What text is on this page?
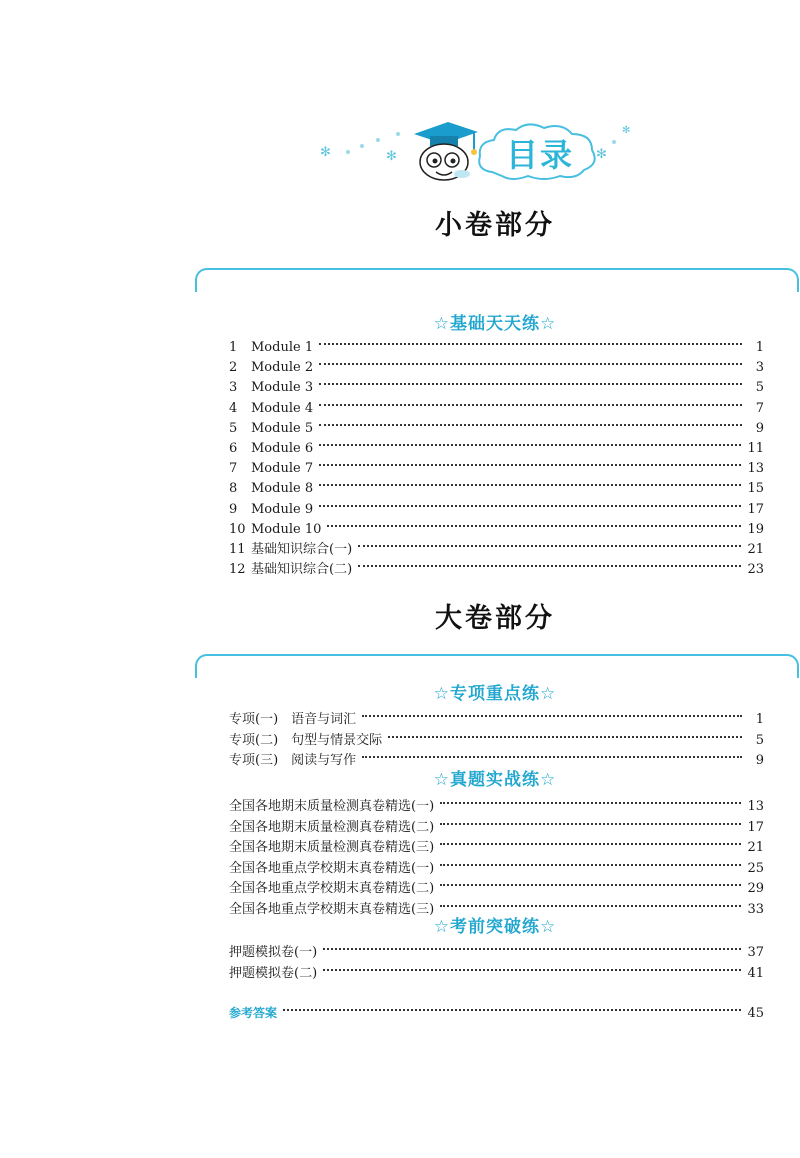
✻	✻	目录	✻
✻
小卷部分
☆基础天天练☆
1	Module 1	1
2	Module 2	3
3	Module 3	5
4	Module 4	7
5	Module 5	9
6	Module 6	11
7	Module 7	13
8	Module 8	15
9	Module 9	17
10 Module 10	19
11 基础知识综合(一)	21
12 基础知识综合(二)	23
大卷部分
☆专项重点练☆
☆真题实战练☆
☆考前突破练☆
专项(一)　语音与词汇	1
专项(二)　句型与情景交际	5
专项(三)　阅读与写作	9
全国各地期末质量检测真卷精选(一)	13
全国各地期末质量检测真卷精选(二)	17
全国各地期末质量检测真卷精选(三)	21
全国各地重点学校期末真卷精选(一)	25
全国各地重点学校期末真卷精选(二)	29
全国各地重点学校期末真卷精选(三)	33
押题模拟卷(一)	37
押题模拟卷(二)	41
参考答案	45
